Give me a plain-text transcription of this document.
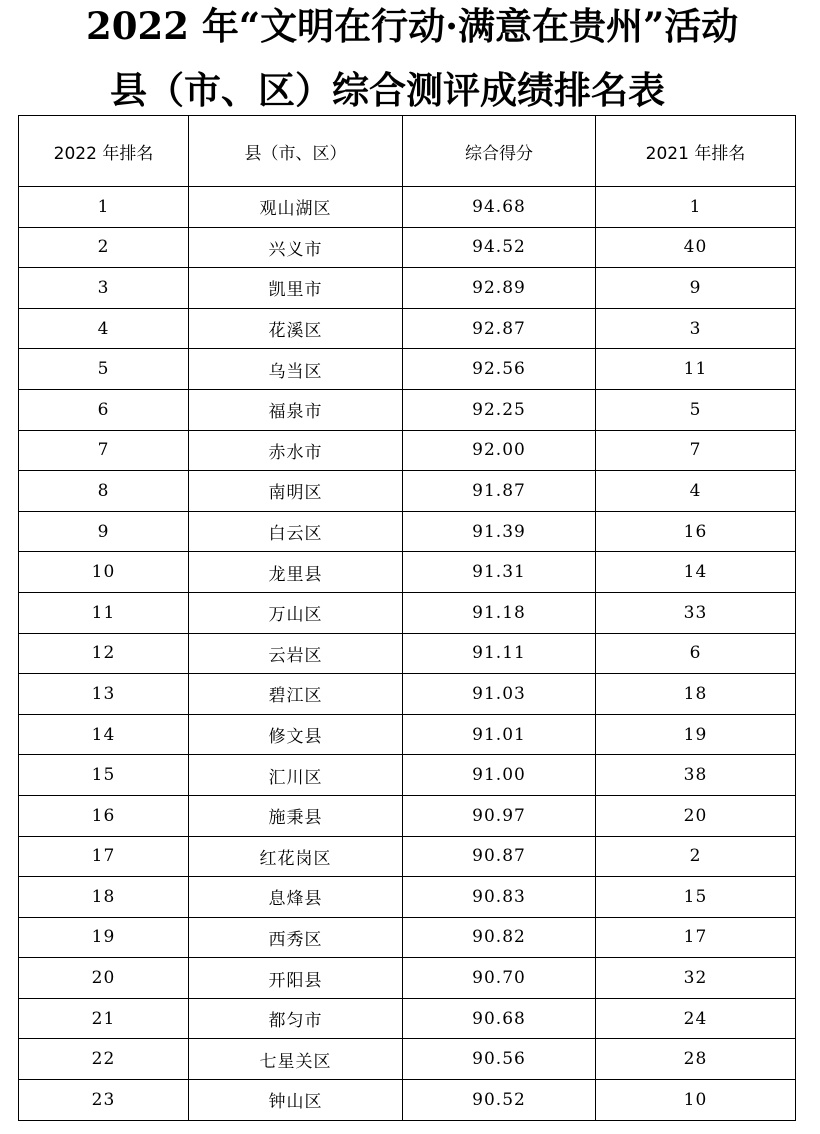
2022 年“文明在行动·满意在贵州”活动
县（市、区）综合测评成绩排名表
2022 年排名	县（市、区）	综合得分	2021 年排名
1	观山湖区	94.68	1
2	兴义市	94.52	40
3	凯里市	92.89	9
4	花溪区	92.87	3
5	乌当区	92.56	11
6	福泉市	92.25	5
7	赤水市	92.00	7
8	南明区	91.87	4
9	白云区	91.39	16
10	龙里县	91.31	14
11	万山区	91.18	33
12	云岩区	91.11	6
13	碧江区	91.03	18
14	修文县	91.01	19
15	汇川区	91.00	38
16	施秉县	90.97	20
17	红花岗区	90.87	2
18	息烽县	90.83	15
19	西秀区	90.82	17
20	开阳县	90.70	32
21	都匀市	90.68	24
22	七星关区	90.56	28
23	钟山区	90.52	10
